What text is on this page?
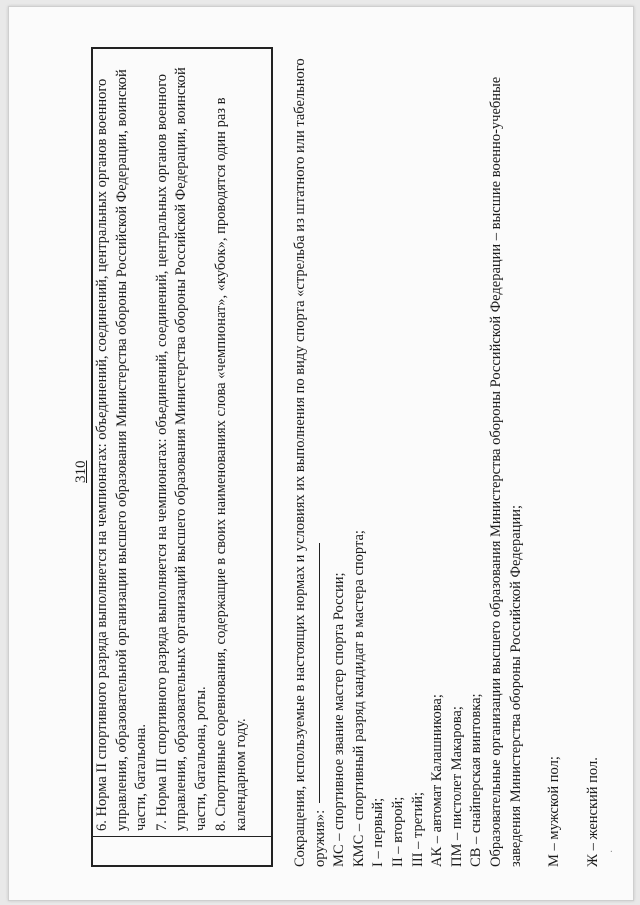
310 6. Норма II спортивного разряда выполняется на чемпионатах: объединений, соединений, центральных органов военного управления, образовательной организации высшего образования Министерства обороны Российской Федерации, воинской части, батальона. 7. Норма III спортивного разряда выполняется на чемпионатах: объединений, соединений, центральных органов военного управления, образовательных организаций высшего образования Министерства обороны Российской Федерации, воинской части, батальона, роты. 8. Спортивные соревнования, содержащие в своих наименованиях слова «чемпионат», «кубок», проводятся один раз в календарном году.	Сокращения, используемые в настоящих нормах и условиях их выполнения по виду спорта «стрельба из штатного или табельного оружия»: МС – спортивное звание мастер спорта России; КМС – спортивный разряд кандидат в мастера спорта; I – первый; II – второй; III – третий; АК – автомат Калашникова; ПМ – пистолет Макарова; СВ – снайперская винтовка; Образовательные организации высшего образования Министерства обороны Российской Федерации – высшие военно-учебные заведения Министерства обороны Российской Федерации; М – мужской пол; Ж – женский пол. ·
